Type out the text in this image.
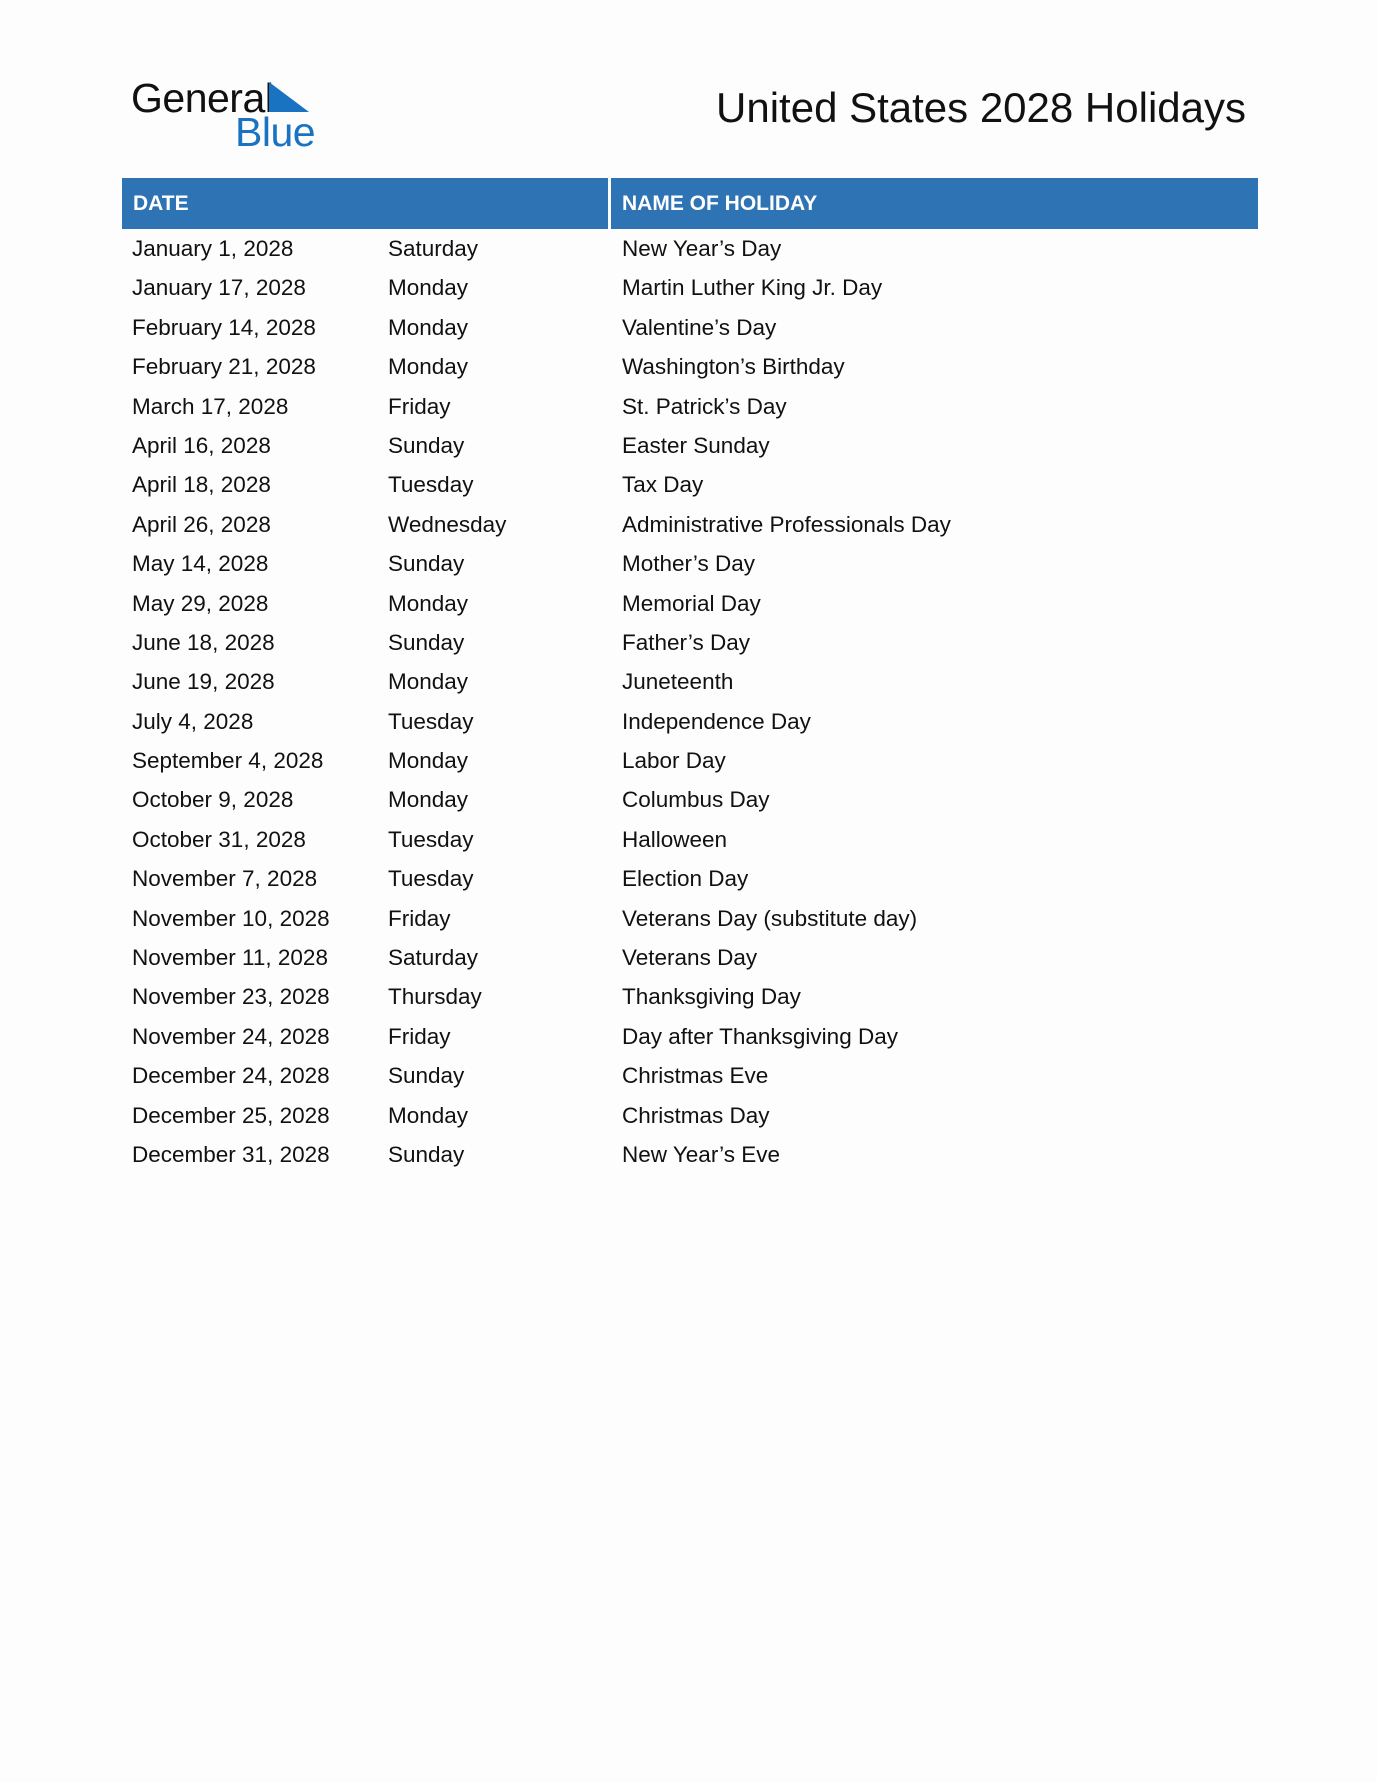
General
Blue
United States 2028 Holidays
DATE	NAME OF HOLIDAY
January 1, 2028	Saturday	New Year’s Day
January 17, 2028	Monday	Martin Luther King Jr. Day
February 14, 2028	Monday	Valentine’s Day
February 21, 2028	Monday	Washington’s Birthday
March 17, 2028	Friday	St. Patrick’s Day
April 16, 2028	Sunday	Easter Sunday
April 18, 2028	Tuesday	Tax Day
April 26, 2028	Wednesday	Administrative Professionals Day
May 14, 2028	Sunday	Mother’s Day
May 29, 2028	Monday	Memorial Day
June 18, 2028	Sunday	Father’s Day
June 19, 2028	Monday	Juneteenth
July 4, 2028	Tuesday	Independence Day
September 4, 2028	Monday	Labor Day
October 9, 2028	Monday	Columbus Day
October 31, 2028	Tuesday	Halloween
November 7, 2028	Tuesday	Election Day
November 10, 2028	Friday	Veterans Day (substitute day)
November 11, 2028	Saturday	Veterans Day
November 23, 2028	Thursday	Thanksgiving Day
November 24, 2028	Friday	Day after Thanksgiving Day
December 24, 2028	Sunday	Christmas Eve
December 25, 2028	Monday	Christmas Day
December 31, 2028	Sunday	New Year’s Eve
